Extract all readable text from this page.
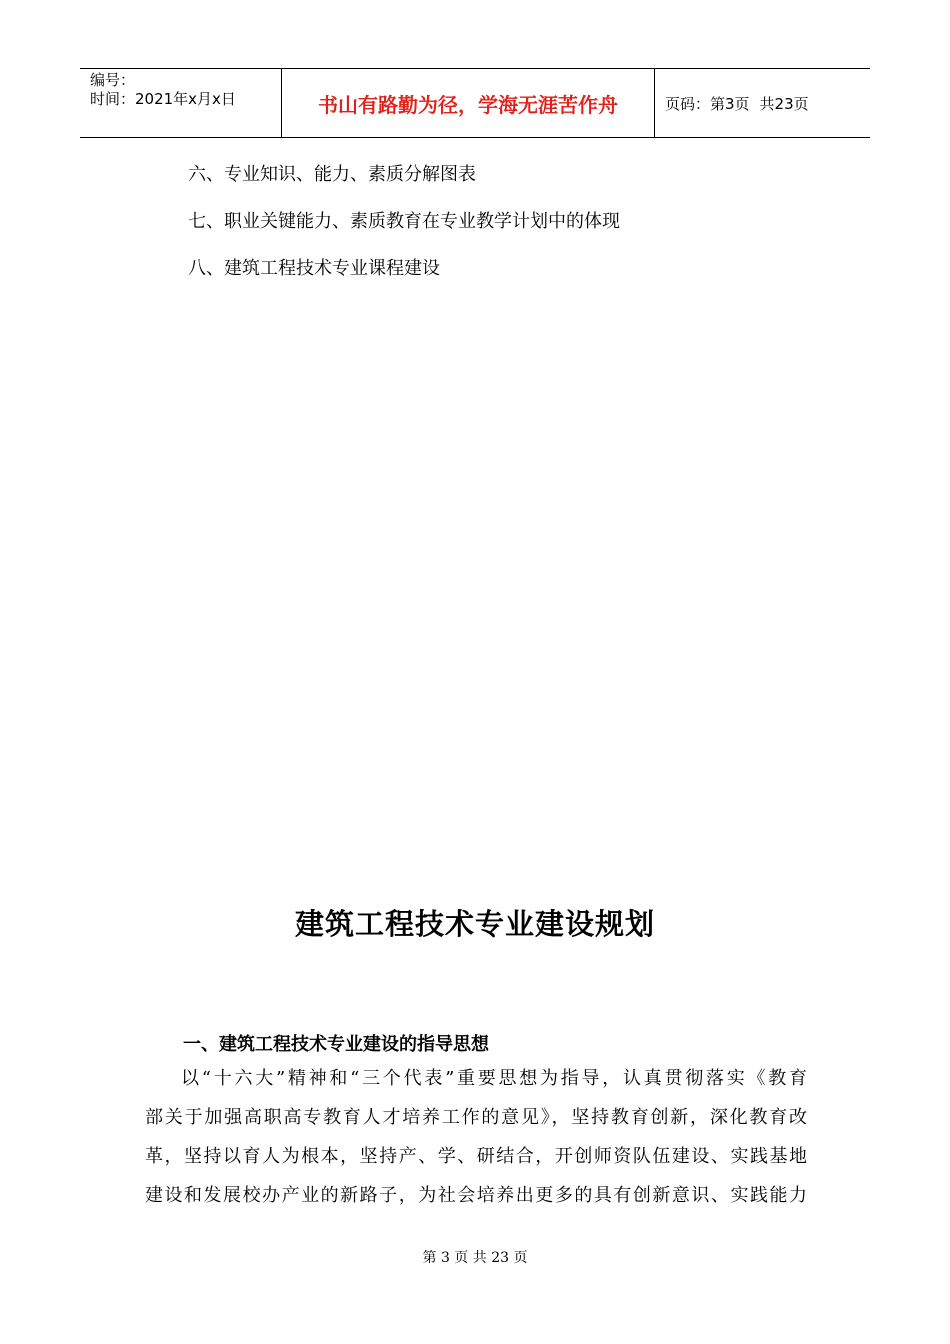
编号：
时间：2021年x月x日	书山有路勤为径，学海无涯苦作舟	页码：第3页 共23页
六、专业知识、能力、素质分解图表
七、职业关键能力、素质教育在专业教学计划中的体现
八、建筑工程技术专业课程建设
建筑工程技术专业建设规划
一、建筑工程技术专业建设的指导思想
以“十六大”精神和“三个代表”重要思想为指导，认真贯彻落实《教育
部关于加强高职高专教育人才培养工作的意见》，坚持教育创新，深化教育改
革，坚持以育人为根本，坚持产、学、研结合，开创师资队伍建设、实践基地
建设和发展校办产业的新路子，为社会培养出更多的具有创新意识、实践能力
第 3 页 共 23 页
